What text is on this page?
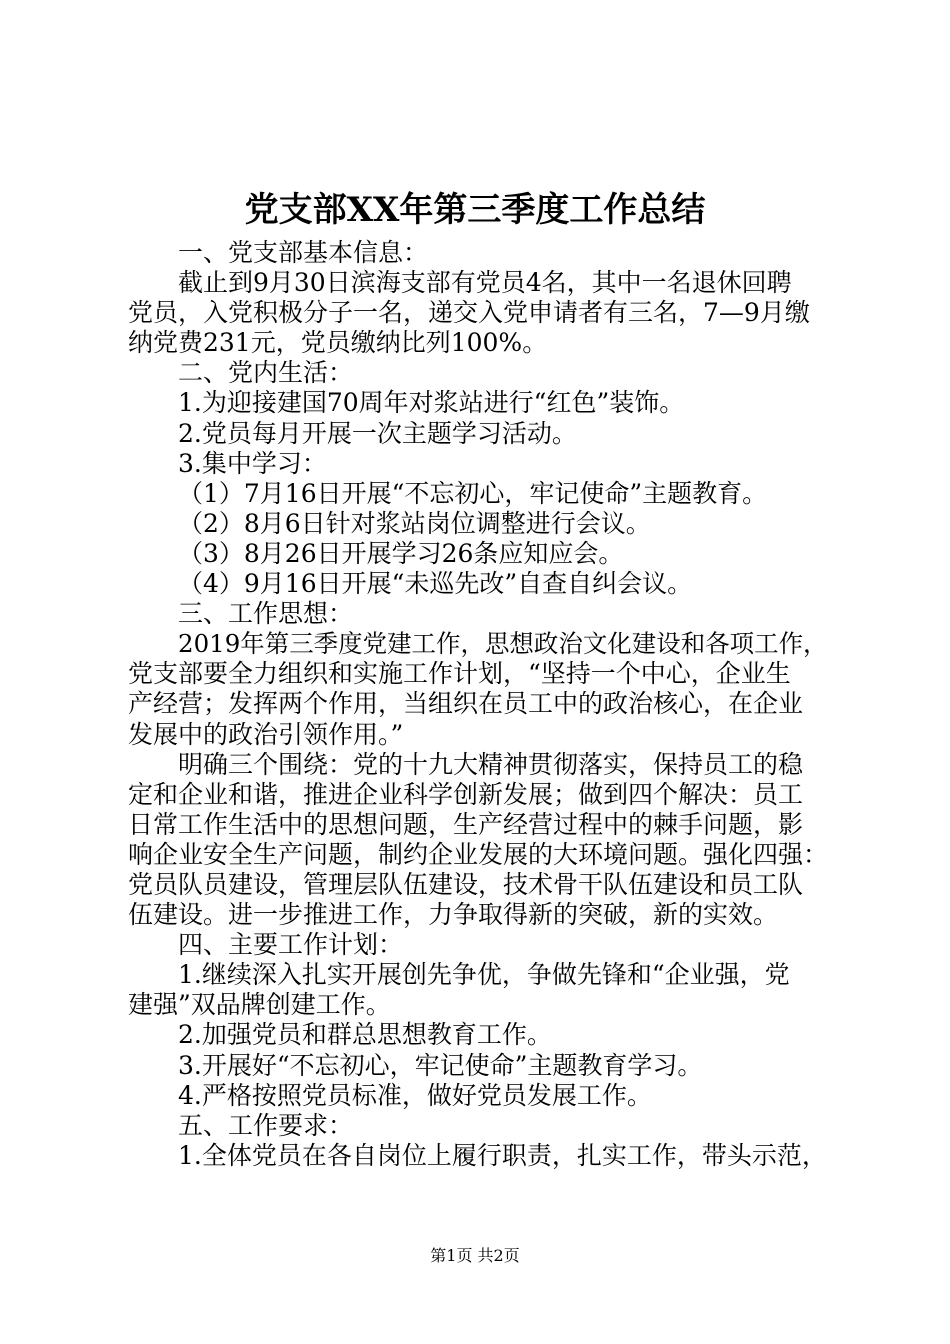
党支部XX年第三季度工作总结

一、党支部基本信息：

截止到9月30日滨海支部有党员4名，其中一名退休回聘

党员，入党积极分子一名，递交入党申请者有三名，7—9月缴

纳党费231元，党员缴纳比列100%。

二、党内生活：

1.为迎接建国70周年对浆站进行“红色”装饰。

2.党员每月开展一次主题学习活动。

3.集中学习：

（1）7月16日开展“不忘初心，牢记使命”主题教育。

（2）8月6日针对浆站岗位调整进行会议。

（3）8月26日开展学习26条应知应会。

（4）9月16日开展“未巡先改”自查自纠会议。

三、工作思想：

2019年第三季度党建工作，思想政治文化建设和各项工作，

党支部要全力组织和实施工作计划，“坚持一个中心，企业生

产经营；发挥两个作用，当组织在员工中的政治核心，在企业

发展中的政治引领作用。”

明确三个围绕：党的十九大精神贯彻落实，保持员工的稳

定和企业和谐，推进企业科学创新发展；做到四个解决：员工

日常工作生活中的思想问题，生产经营过程中的棘手问题，影

响企业安全生产问题，制约企业发展的大环境问题。强化四强：

党员队员建设，管理层队伍建设，技术骨干队伍建设和员工队

伍建设。进一步推进工作，力争取得新的突破，新的实效。

四、主要工作计划：

1.继续深入扎实开展创先争优，争做先锋和“企业强，党

建强”双品牌创建工作。

2.加强党员和群总思想教育工作。

3.开展好“不忘初心，牢记使命”主题教育学习。

4.严格按照党员标准，做好党员发展工作。

五、工作要求：

1.全体党员在各自岗位上履行职责，扎实工作，带头示范，

第1页 共2页
